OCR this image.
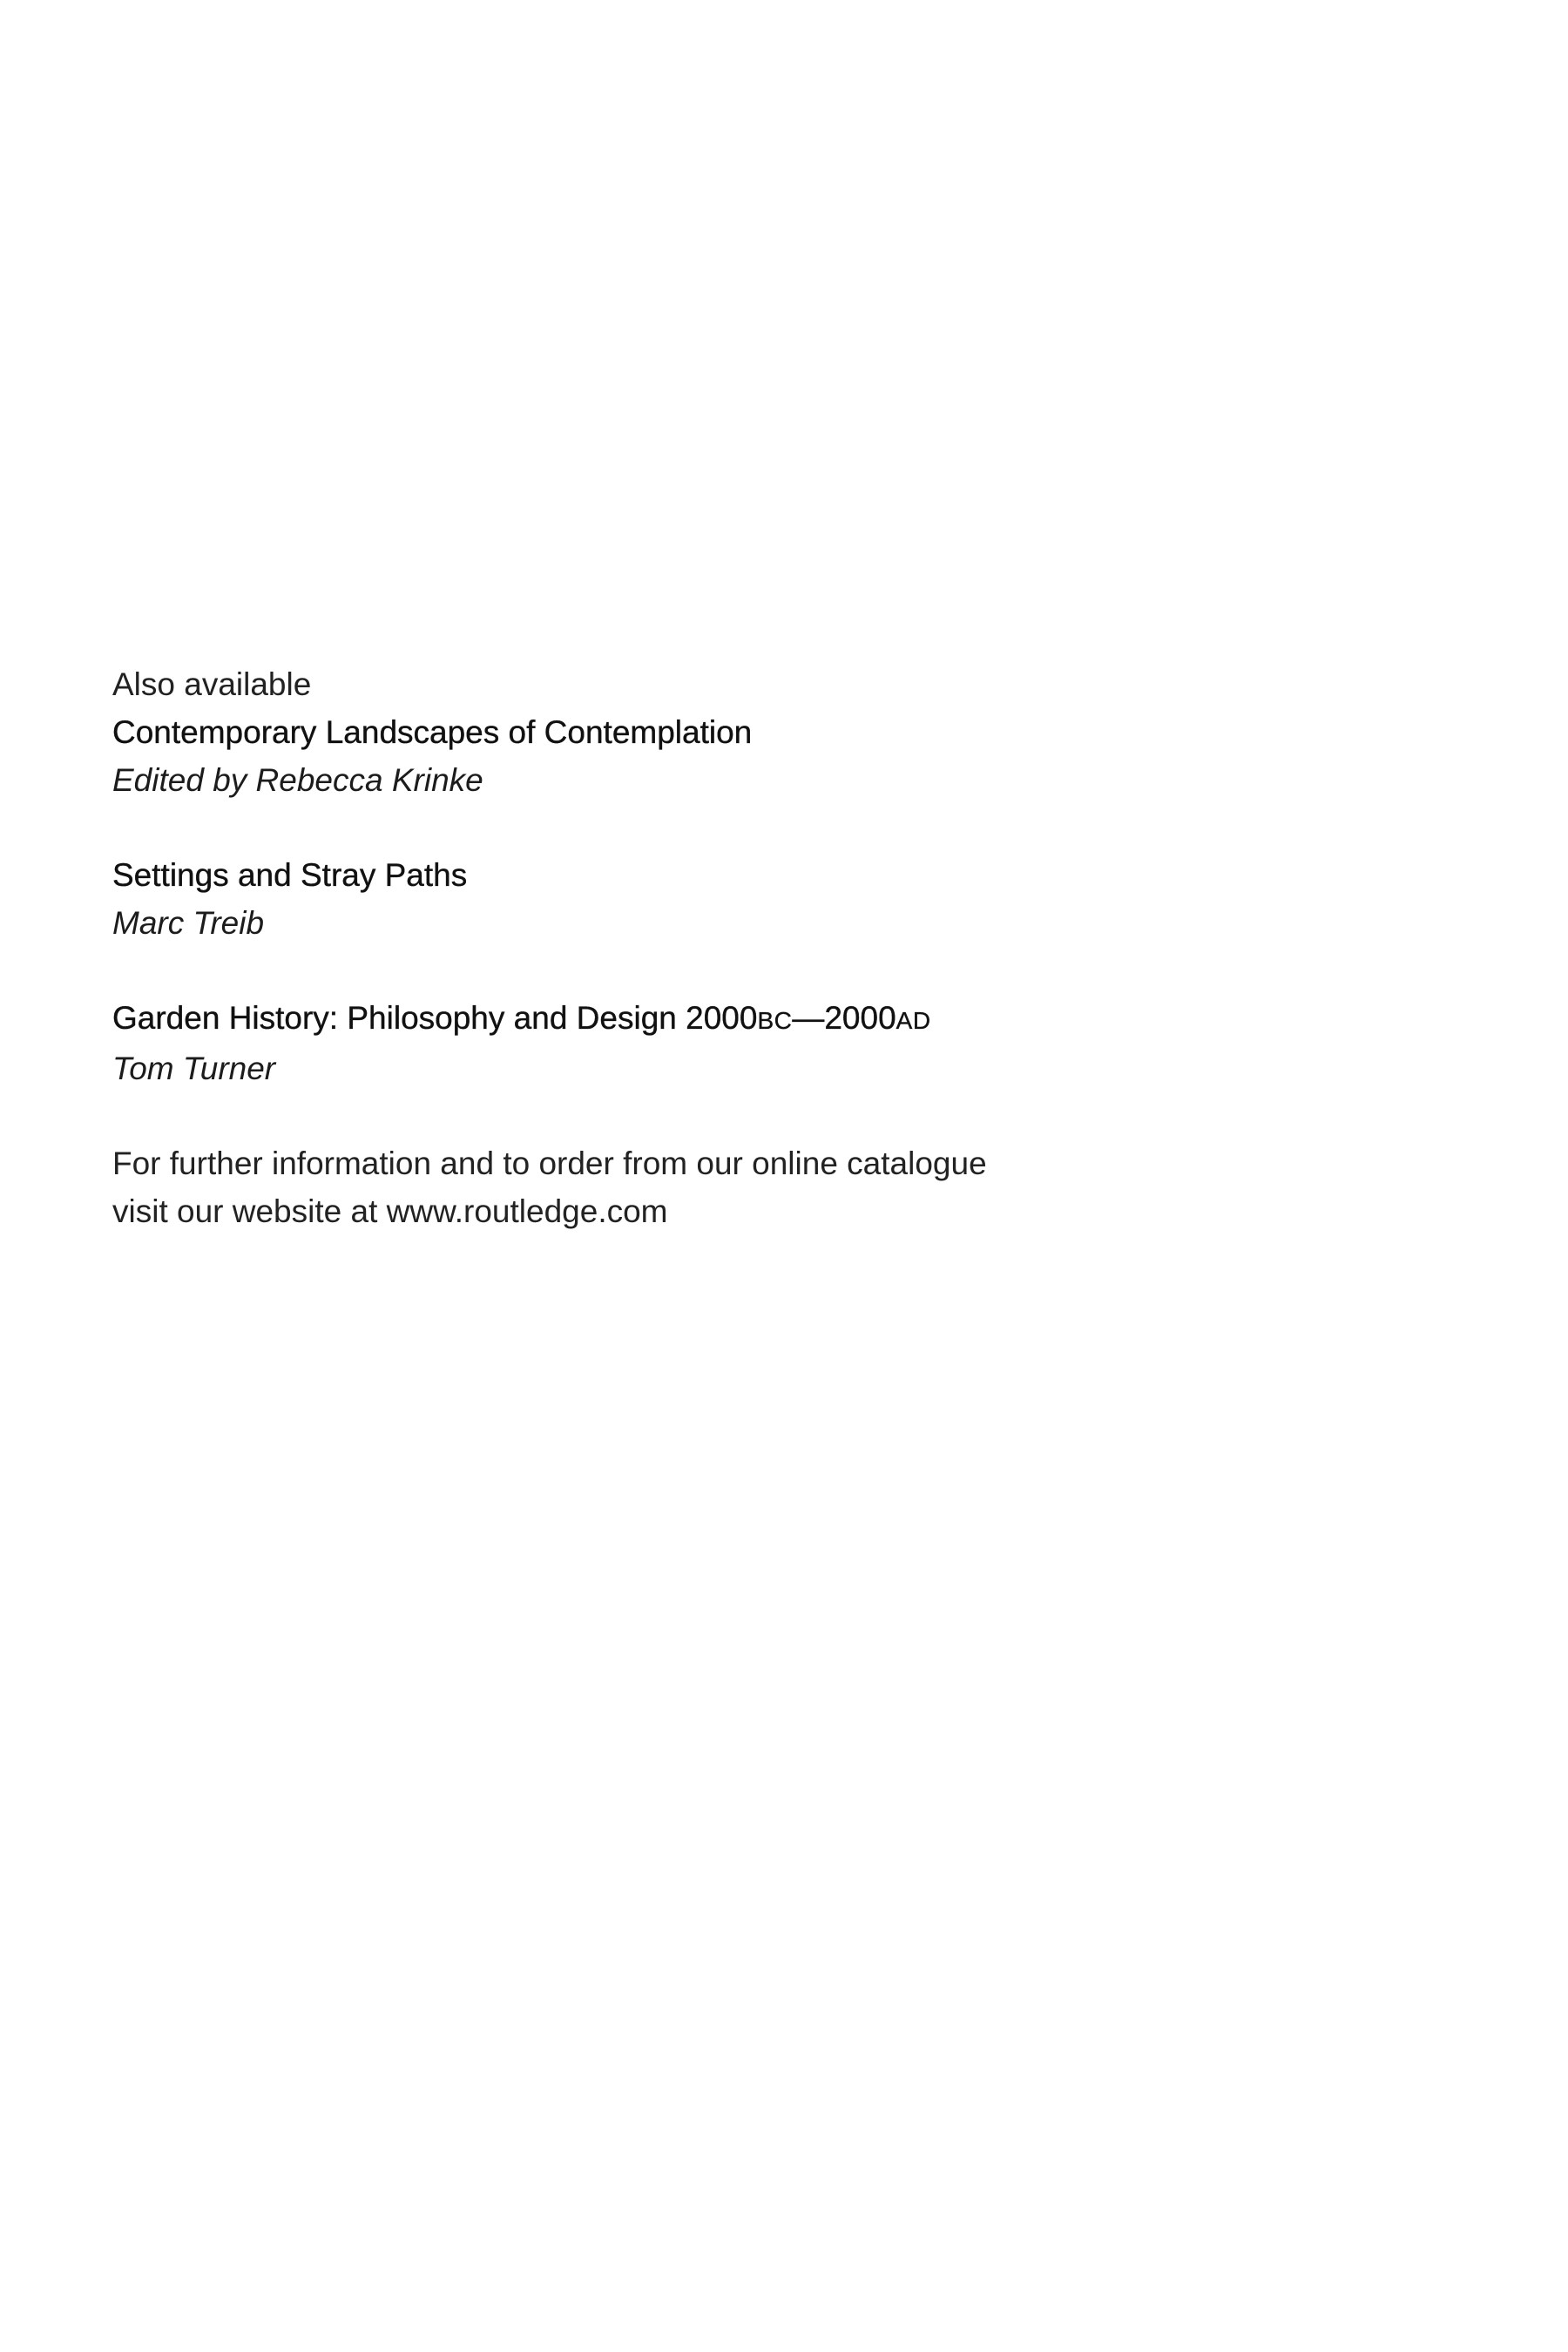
Also available
Contemporary Landscapes of Contemplation
Edited by Rebecca Krinke
Settings and Stray Paths
Marc Treib
Garden History: Philosophy and Design 2000BC—2000AD
Tom Turner
For further information and to order from our online catalogue
visit our website at www.routledge.com
